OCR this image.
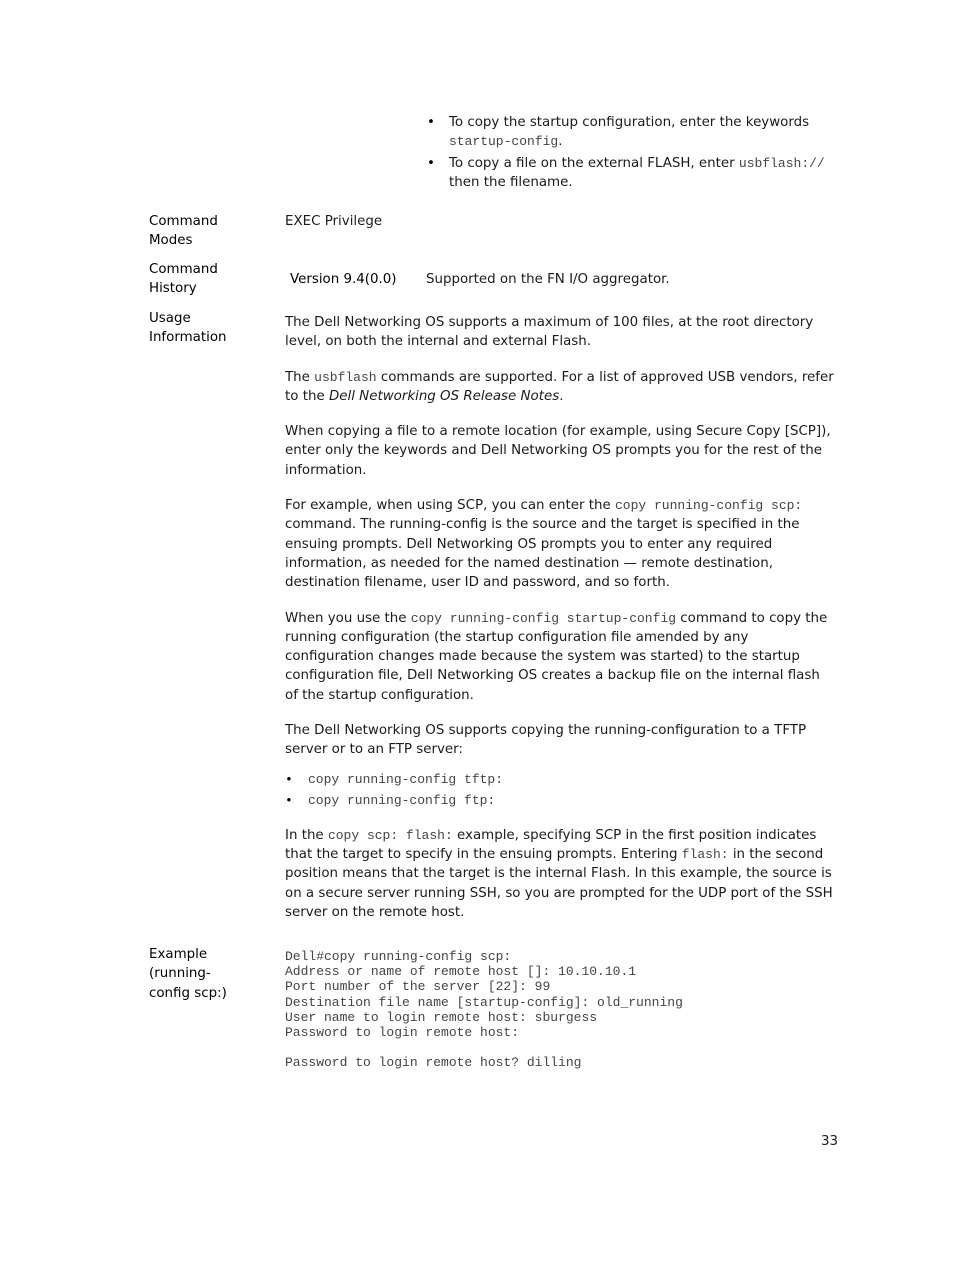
• To copy the startup configuration, enter the keywords startup-config.
• To copy a file on the external FLASH, enter usbflash:// then the filename.
Command Modes
EXEC Privilege
Command History
Version 9.4(0.0) Supported on the FN I/O aggregator.
Usage Information

The Dell Networking OS supports a maximum of 100 files, at the root directory level, on both the internal and external Flash.

The usbflash commands are supported. For a list of approved USB vendors, refer to the Dell Networking OS Release Notes.

When copying a file to a remote location (for example, using Secure Copy [SCP]), enter only the keywords and Dell Networking OS prompts you for the rest of the information.

For example, when using SCP, you can enter the copy running-config scp: command. The running-config is the source and the target is specified in the ensuing prompts. Dell Networking OS prompts you to enter any required information, as needed for the named destination — remote destination, destination filename, user ID and password, and so forth.

When you use the copy running-config startup-config command to copy the running configuration (the startup configuration file amended by any configuration changes made because the system was started) to the startup configuration file, Dell Networking OS creates a backup file on the internal flash of the startup configuration.

The Dell Networking OS supports copying the running-configuration to a TFTP server or to an FTP server:

• copy running-config tftp:
• copy running-config ftp:

In the copy scp: flash: example, specifying SCP in the first position indicates that the target to specify in the ensuing prompts. Entering flash: in the second position means that the target is the internal Flash. In this example, the source is on a secure server running SSH, so you are prompted for the UDP port of the SSH server on the remote host.

Example (running-config scp:)
Dell#copy running-config scp:
Address or name of remote host []: 10.10.10.1
Port number of the server [22]: 99
Destination file name [startup-config]: old_running
User name to login remote host: sburgess
Password to login remote host:

Password to login remote host? dilling
33
